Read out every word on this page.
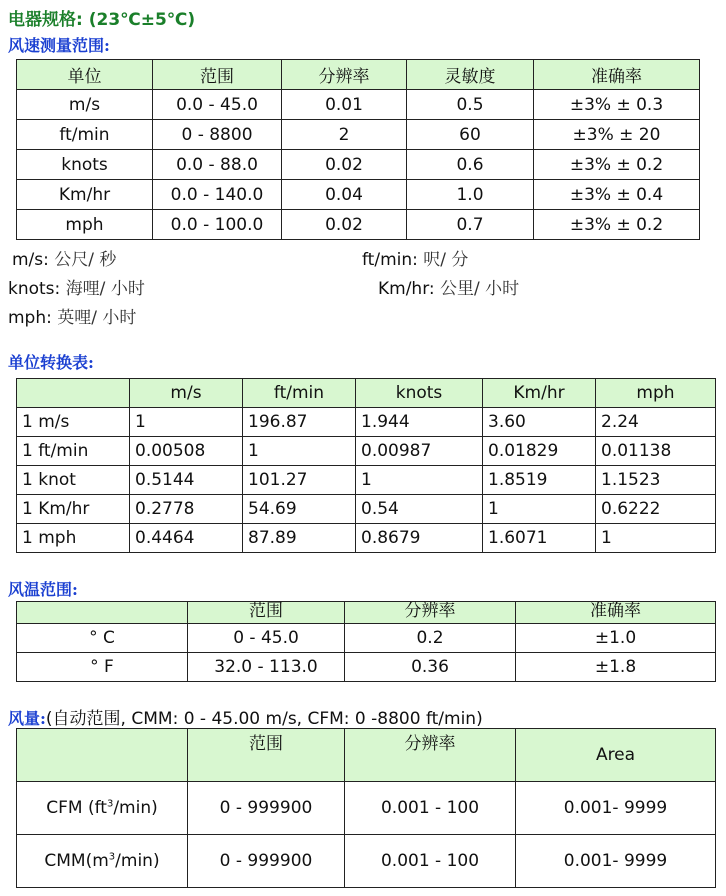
电器规格: (23℃±5℃)
风速测量范围:
单位	范围	分辨率	灵敏度	准确率
m/s	0.0 - 45.0	0.01	0.5	±3% ± 0.3
ft/min	0 - 8800	2	60	±3% ± 20
knots	0.0 - 88.0	0.02	0.6	±3% ± 0.2
Km/hr	0.0 - 140.0	0.04	1.0	±3% ± 0.4
mph	0.0 - 100.0	0.02	0.7	±3% ± 0.2
m/s: 公尺/ 秒	ft/min: 呎/ 分
knots: 海哩/ 小时	Km/hr: 公里/ 小时
mph: 英哩/ 小时
单位转换表:
	m/s	ft/min	knots	Km/hr	mph
1 m/s	1	196.87	1.944	3.60	2.24
1 ft/min	0.00508	1	0.00987	0.01829	0.01138
1 knot	0.5144	101.27	1	1.8519	1.1523
1 Km/hr	0.2778	54.69	0.54	1	0.6222
1 mph	0.4464	87.89	0.8679	1.6071	1
风温范围:
	范围	分辨率	准确率
° C	0 - 45.0	0.2	±1.0
° F	32.0 - 113.0	0.36	±1.8
风量:(自动范围, CMM: 0 - 45.00 m/s, CFM: 0 -8800 ft/min)
	范围	分辨率	Area
CFM $(ft^3/\min)$	0 - 999900	0.001 - 100	0.001- 9999
$CMM(m^3/\min)$	0 - 999900	0.001 - 100	0.001- 9999
